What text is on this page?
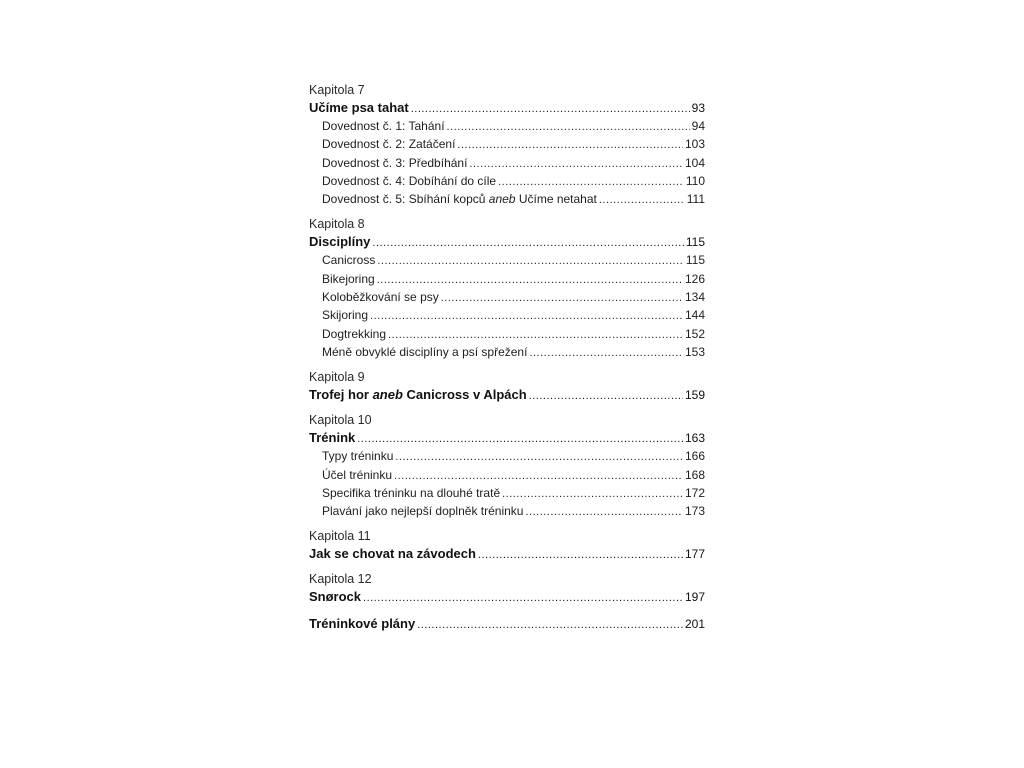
Kapitola 7
Učíme psa tahat .....	93
Dovednost č. 1: Tahání .....	94
Dovednost č. 2: Zatáčení .....	103
Dovednost č. 3: Předbíhání .....	104
Dovednost č. 4: Dobíhání do cíle .....	110
Dovednost č. 5: Sbíhání kopců aneb Učíme netahat .....	111
Kapitola 8
Disciplíny .....	115
Canicross .....	115
Bikejoring .....	126
Koloběžkování se psy .....	134
Skijoring .....	144
Dogtrekking .....	152
Méně obvyklé disciplíny a psí spřežení .....	153
Kapitola 9
Trofej hor aneb Canicross v Alpách .....	159
Kapitola 10
Trénink .....	163
Typy tréninku .....	166
Účel tréninku .....	168
Specifika tréninku na dlouhé tratě .....	172
Plavání jako nejlepší doplněk tréninku .....	173
Kapitola 11
Jak se chovat na závodech .....	177
Kapitola 12
Snørock .....	197
Tréninkové plány .....	201
